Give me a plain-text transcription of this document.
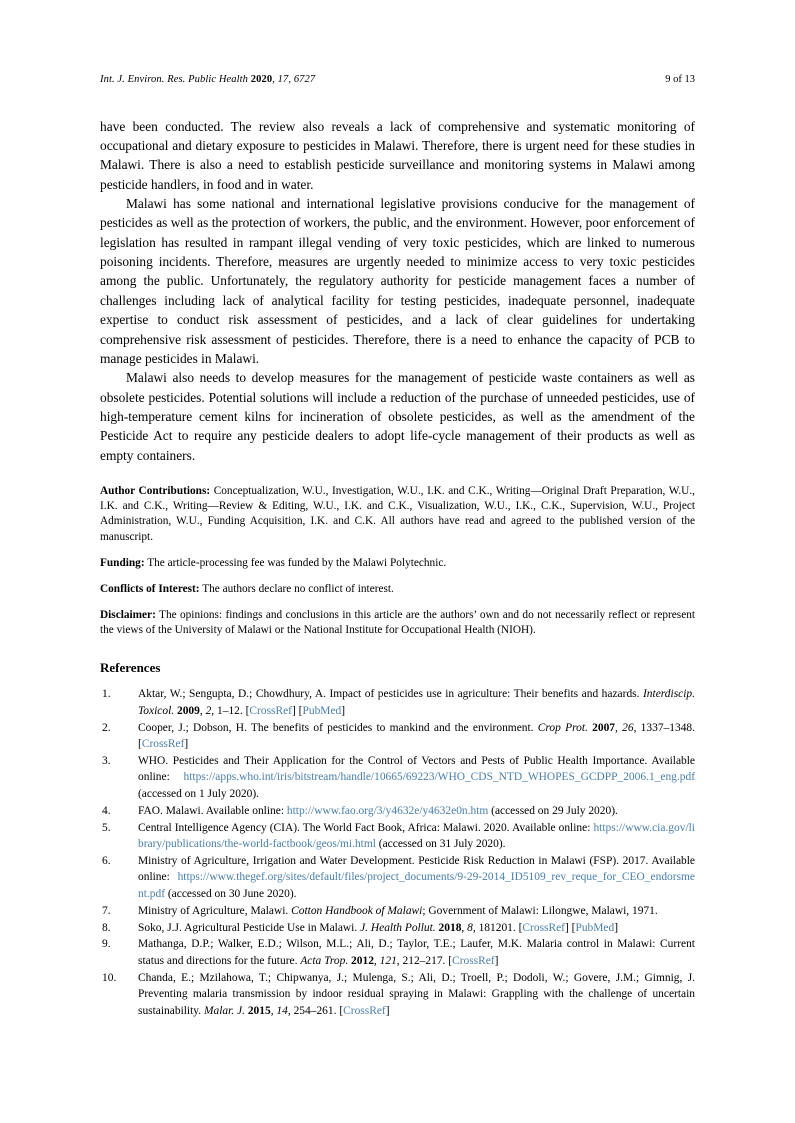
Int. J. Environ. Res. Public Health 2020, 17, 6727	9 of 13

have been conducted. The review also reveals a lack of comprehensive and systematic monitoring of occupational and dietary exposure to pesticides in Malawi. Therefore, there is urgent need for these studies in Malawi. There is also a need to establish pesticide surveillance and monitoring systems in Malawi among pesticide handlers, in food and in water.

Malawi has some national and international legislative provisions conducive for the management of pesticides as well as the protection of workers, the public, and the environment. However, poor enforcement of legislation has resulted in rampant illegal vending of very toxic pesticides, which are linked to numerous poisoning incidents. Therefore, measures are urgently needed to minimize access to very toxic pesticides among the public. Unfortunately, the regulatory authority for pesticide management faces a number of challenges including lack of analytical facility for testing pesticides, inadequate personnel, inadequate expertise to conduct risk assessment of pesticides, and a lack of clear guidelines for undertaking comprehensive risk assessment of pesticides. Therefore, there is a need to enhance the capacity of PCB to manage pesticides in Malawi.

Malawi also needs to develop measures for the management of pesticide waste containers as well as obsolete pesticides. Potential solutions will include a reduction of the purchase of unneeded pesticides, use of high-temperature cement kilns for incineration of obsolete pesticides, as well as the amendment of the Pesticide Act to require any pesticide dealers to adopt life-cycle management of their products as well as empty containers.

Author Contributions: Conceptualization, W.U., Investigation, W.U., I.K. and C.K., Writing—Original Draft Preparation, W.U., I.K. and C.K., Writing—Review & Editing, W.U., I.K. and C.K., Visualization, W.U., I.K., C.K., Supervision, W.U., Project Administration, W.U., Funding Acquisition, I.K. and C.K. All authors have read and agreed to the published version of the manuscript.

Funding: The article-processing fee was funded by the Malawi Polytechnic.

Conflicts of Interest: The authors declare no conflict of interest.

Disclaimer: The opinions: findings and conclusions in this article are the authors’ own and do not necessarily reflect or represent the views of the University of Malawi or the National Institute for Occupational Health (NIOH).

References
1.	Aktar, W.; Sengupta, D.; Chowdhury, A. Impact of pesticides use in agriculture: Their benefits and hazards. Interdiscip. Toxicol. 2009, 2, 1–12. [CrossRef] [PubMed]
2.	Cooper, J.; Dobson, H. The benefits of pesticides to mankind and the environment. Crop Prot. 2007, 26, 1337–1348. [CrossRef]
3.	WHO. Pesticides and Their Application for the Control of Vectors and Pests of Public Health Importance. Available online: https://apps.who.int/iris/bitstream/handle/10665/69223/WHO_CDS_NTD_WHOPES_GCDPP_2006.1_eng.pdf (accessed on 1 July 2020).
4.	FAO. Malawi. Available online: http://www.fao.org/3/y4632e/y4632e0n.htm (accessed on 29 July 2020).
5.	Central Intelligence Agency (CIA). The World Fact Book, Africa: Malawi. 2020. Available online: https://www.cia.gov/library/publications/the-world-factbook/geos/mi.html (accessed on 31 July 2020).
6.	Ministry of Agriculture, Irrigation and Water Development. Pesticide Risk Reduction in Malawi (FSP). 2017. Available online: https://www.thegef.org/sites/default/files/project_documents/9-29-2014_ID5109_rev_reque_for_CEO_endorsment.pdf (accessed on 30 June 2020).
7.	Ministry of Agriculture, Malawi. Cotton Handbook of Malawi; Government of Malawi: Lilongwe, Malawi, 1971.
8.	Soko, J.J. Agricultural Pesticide Use in Malawi. J. Health Pollut. 2018, 8, 181201. [CrossRef] [PubMed]
9.	Mathanga, D.P.; Walker, E.D.; Wilson, M.L.; Ali, D.; Taylor, T.E.; Laufer, M.K. Malaria control in Malawi: Current status and directions for the future. Acta Trop. 2012, 121, 212–217. [CrossRef]
10.	Chanda, E.; Mzilahowa, T.; Chipwanya, J.; Mulenga, S.; Ali, D.; Troell, P.; Dodoli, W.; Govere, J.M.; Gimnig, J. Preventing malaria transmission by indoor residual spraying in Malawi: Grappling with the challenge of uncertain sustainability. Malar. J. 2015, 14, 254–261. [CrossRef]
